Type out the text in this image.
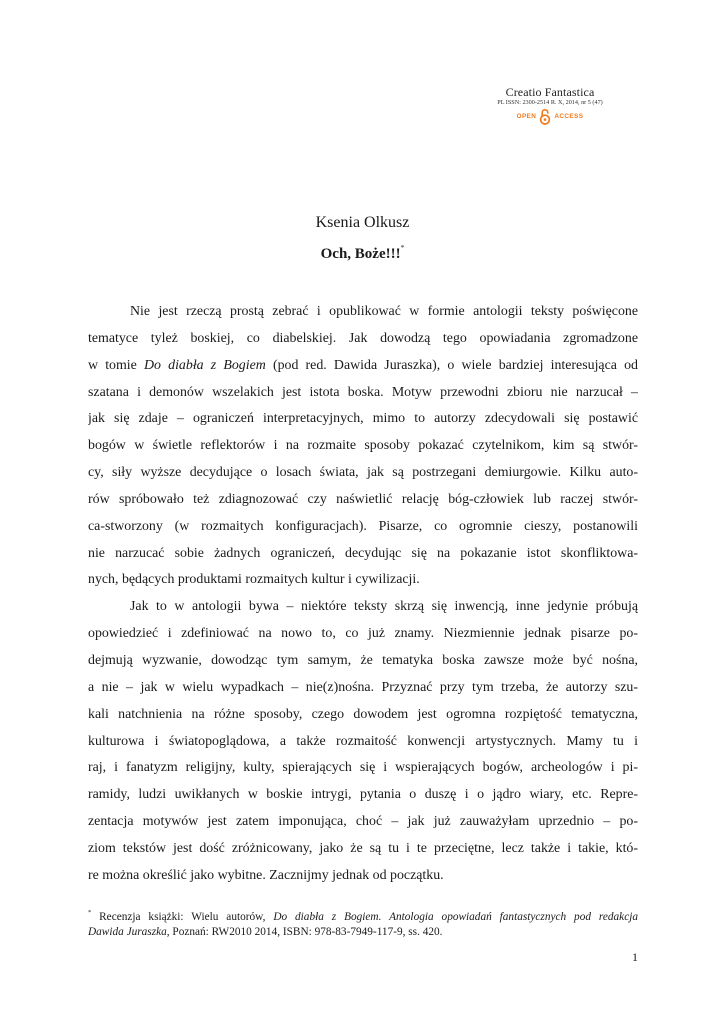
Creatio Fantastica
PL ISSN: 2300-2514 R. X, 2014, nr 5 (47)
OPEN	ACCESS
Ksenia Olkusz
Och, Boże!!!*
Nie jest rzeczą prostą zebrać i opublikować w formie antologii teksty poświęcone
tematyce tyleż boskiej, co diabelskiej. Jak dowodzą tego opowiadania zgromadzone
w tomie Do diabła z Bogiem (pod red. Dawida Juraszka), o wiele bardziej interesująca od
szatana i demonów wszelakich jest istota boska. Motyw przewodni zbioru nie narzucał –
jak się zdaje – ograniczeń interpretacyjnych, mimo to autorzy zdecydowali się postawić
bogów w świetle reflektorów i na rozmaite sposoby pokazać czytelnikom, kim są stwór-
cy, siły wyższe decydujące o losach świata, jak są postrzegani demiurgowie. Kilku auto-
rów spróbowało też zdiagnozować czy naświetlić relację bóg-człowiek lub raczej stwór-
ca-stworzony (w rozmaitych konfiguracjach). Pisarze, co ogromnie cieszy, postanowili
nie narzucać sobie żadnych ograniczeń, decydując się na pokazanie istot skonfliktowa-
nych, będących produktami rozmaitych kultur i cywilizacji.
Jak to w antologii bywa – niektóre teksty skrzą się inwencją, inne jedynie próbują
opowiedzieć i zdefiniować na nowo to, co już znamy. Niezmiennie jednak pisarze po-
dejmują wyzwanie, dowodząc tym samym, że tematyka boska zawsze może być nośna,
a nie – jak w wielu wypadkach – nie(z)nośna. Przyznać przy tym trzeba, że autorzy szu-
kali natchnienia na różne sposoby, czego dowodem jest ogromna rozpiętość tematyczna,
kulturowa i światopoglądowa, a także rozmaitość konwencji artystycznych. Mamy tu i
raj, i fanatyzm religijny, kulty, spierających się i wspierających bogów, archeologów i pi-
ramidy, ludzi uwikłanych w boskie intrygi, pytania o duszę i o jądro wiary, etc. Repre-
zentacja motywów jest zatem imponująca, choć – jak już zauważyłam uprzednio – po-
ziom tekstów jest dość zróżnicowany, jako że są tu i te przeciętne, lecz także i takie, któ-
re można określić jako wybitne. Zacznijmy jednak od początku.
* Recenzja książki: Wielu autorów, Do diabła z Bogiem. Antologia opowiadań fantastycznych pod redakcja
Dawida Juraszka, Poznań: RW2010 2014, ISBN: 978-83-7949-117-9, ss. 420.
1
